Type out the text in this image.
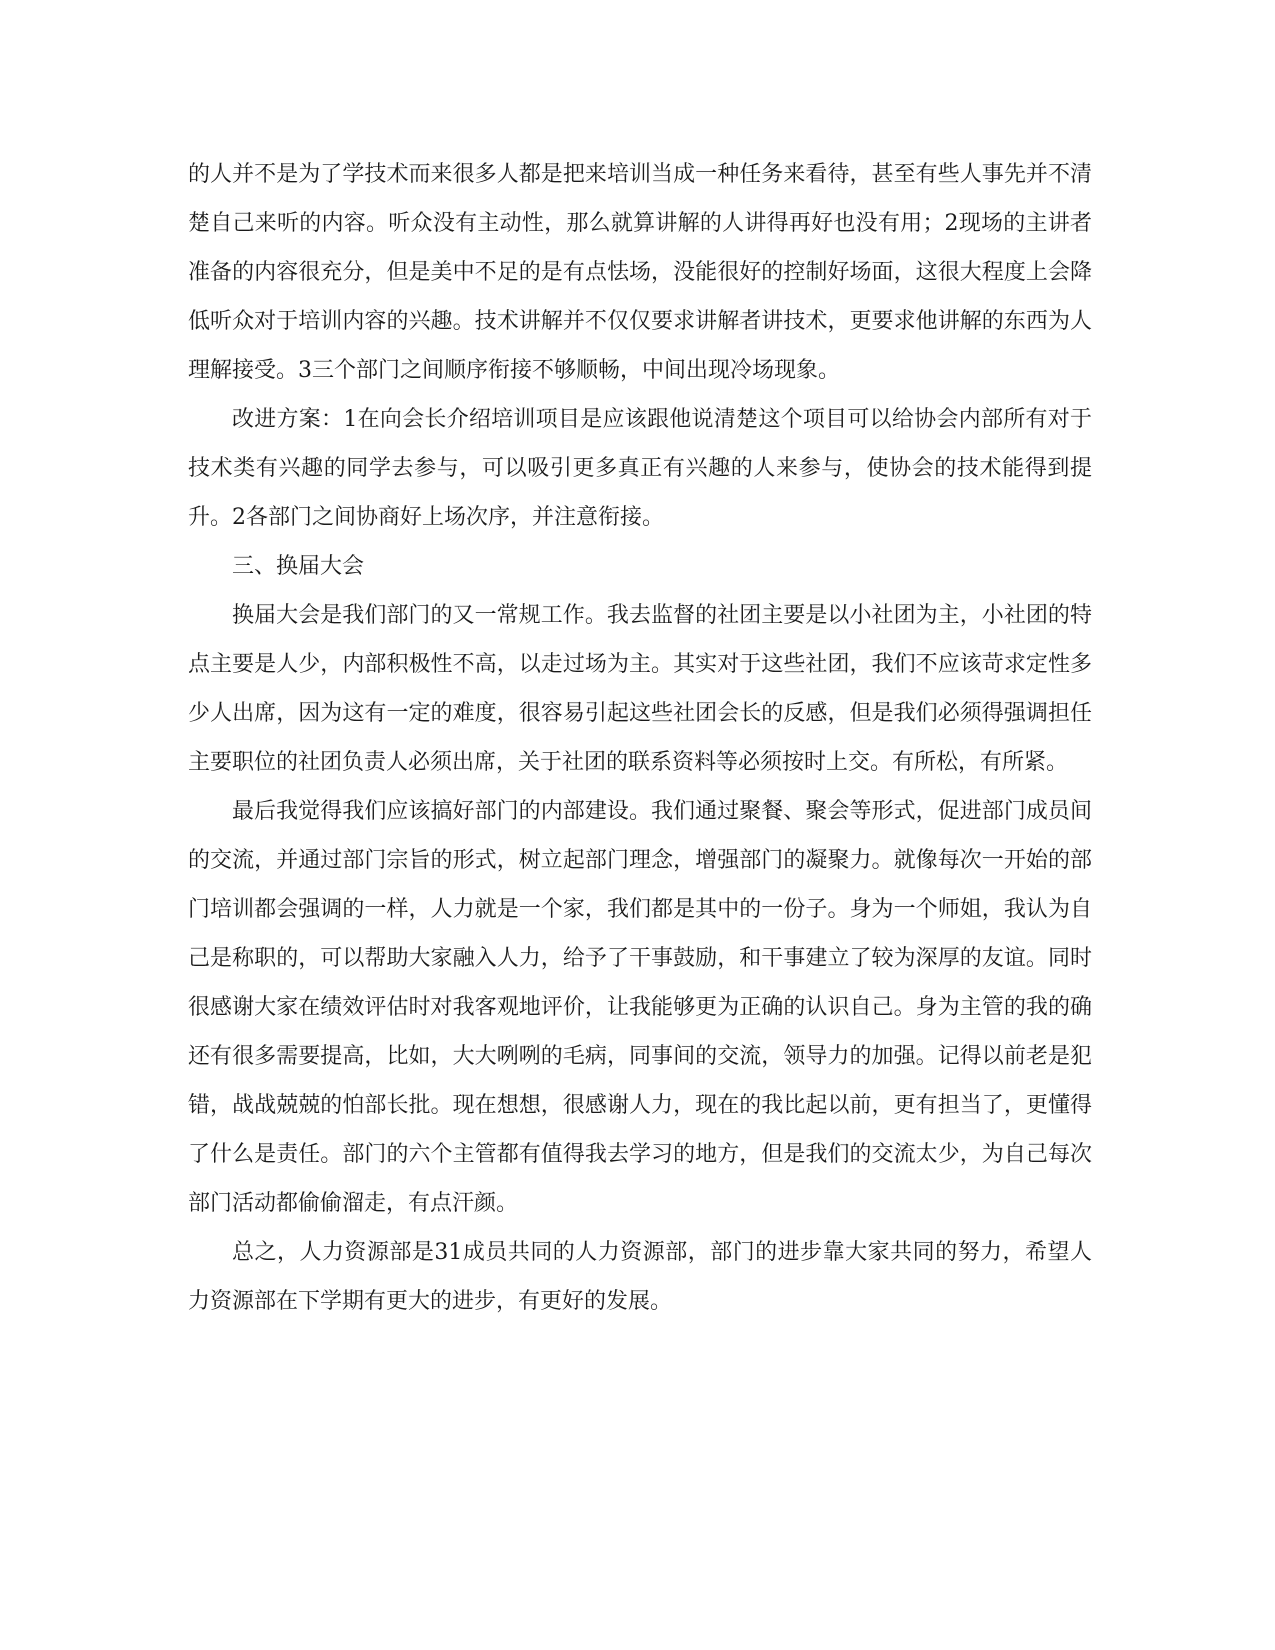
的人并不是为了学技术而来很多人都是把来培训当成一种任务来看待，甚至有些人事先并不清楚自己来听的内容。听众没有主动性，那么就算讲解的人讲得再好也没有用；2现场的主讲者准备的内容很充分，但是美中不足的是有点怯场，没能很好的控制好场面，这很大程度上会降低听众对于培训内容的兴趣。技术讲解并不仅仅要求讲解者讲技术，更要求他讲解的东西为人理解接受。3三个部门之间顺序衔接不够顺畅，中间出现冷场现象。

改进方案：1在向会长介绍培训项目是应该跟他说清楚这个项目可以给协会内部所有对于技术类有兴趣的同学去参与，可以吸引更多真正有兴趣的人来参与，使协会的技术能得到提升。2各部门之间协商好上场次序，并注意衔接。

三、换届大会

换届大会是我们部门的又一常规工作。我去监督的社团主要是以小社团为主，小社团的特点主要是人少，内部积极性不高，以走过场为主。其实对于这些社团，我们不应该苛求定性多少人出席，因为这有一定的难度，很容易引起这些社团会长的反感，但是我们必须得强调担任主要职位的社团负责人必须出席，关于社团的联系资料等必须按时上交。有所松，有所紧。

最后我觉得我们应该搞好部门的内部建设。我们通过聚餐、聚会等形式，促进部门成员间的交流，并通过部门宗旨的形式，树立起部门理念，增强部门的凝聚力。就像每次一开始的部门培训都会强调的一样，人力就是一个家，我们都是其中的一份子。身为一个师姐，我认为自己是称职的，可以帮助大家融入人力，给予了干事鼓励，和干事建立了较为深厚的友谊。同时很感谢大家在绩效评估时对我客观地评价，让我能够更为正确的认识自己。身为主管的我的确还有很多需要提高，比如，大大咧咧的毛病，同事间的交流，领导力的加强。记得以前老是犯错，战战兢兢的怕部长批。现在想想，很感谢人力，现在的我比起以前，更有担当了，更懂得了什么是责任。部门的六个主管都有值得我去学习的地方，但是我们的交流太少，为自己每次部门活动都偷偷溜走，有点汗颜。

总之，人力资源部是31成员共同的人力资源部，部门的进步靠大家共同的努力，希望人力资源部在下学期有更大的进步，有更好的发展。
